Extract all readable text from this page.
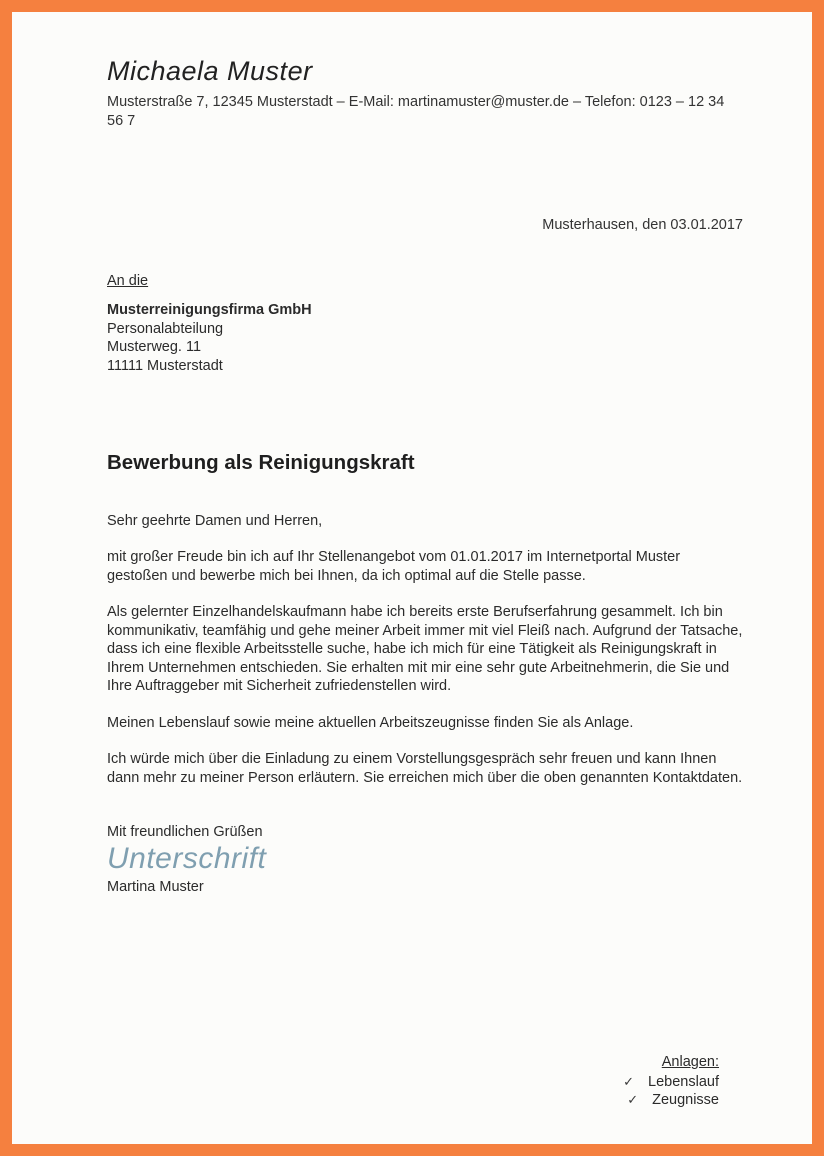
Michaela Muster
Musterstraße 7, 12345 Musterstadt – E-Mail: martinamuster@muster.de – Telefon: 0123 – 12 34 56 7
Musterhausen, den 03.01.2017
An die
Musterreinigungsfirma GmbH
Personalabteilung
Musterweg. 11
11111 Musterstadt
Bewerbung als Reinigungskraft
Sehr geehrte Damen und Herren,
mit großer Freude bin ich auf Ihr Stellenangebot vom 01.01.2017 im Internetportal Muster gestoßen und bewerbe mich bei Ihnen, da ich optimal auf die Stelle passe.
Als gelernter Einzelhandelskaufmann habe ich bereits erste Berufserfahrung gesammelt. Ich bin kommunikativ, teamfähig und gehe meiner Arbeit immer mit viel Fleiß nach. Aufgrund der Tatsache, dass ich eine flexible Arbeitsstelle suche, habe ich mich für eine Tätigkeit als Reinigungskraft in Ihrem Unternehmen entschieden. Sie erhalten mit mir eine sehr gute Arbeitnehmerin, die Sie und Ihre Auftraggeber mit Sicherheit zufriedenstellen wird.
Meinen Lebenslauf sowie meine aktuellen Arbeitszeugnisse finden Sie als Anlage.
Ich würde mich über die Einladung zu einem Vorstellungsgespräch sehr freuen und kann Ihnen dann mehr zu meiner Person erläutern. Sie erreichen mich über die oben genannten Kontaktdaten.
Mit freundlichen Grüßen
Unterschrift
Martina Muster
Anlagen:
✓ Lebenslauf
✓ Zeugnisse
